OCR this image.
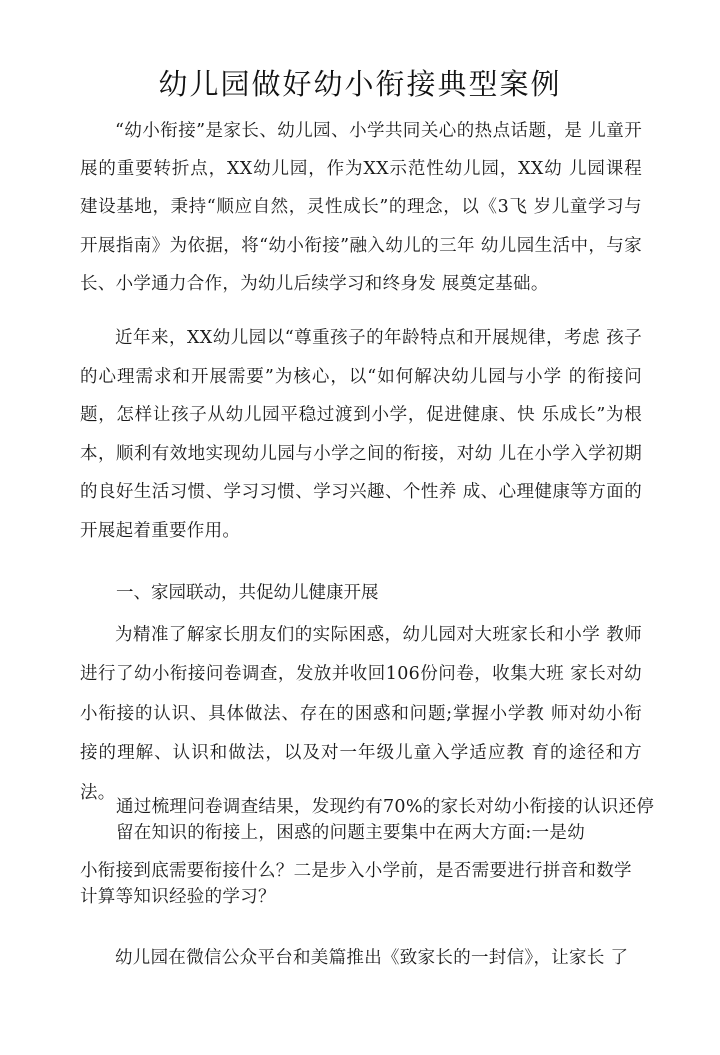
幼儿园做好幼小衔接典型案例

“幼小衔接”是家长、幼儿园、小学共同关心的热点话题，是 儿童开展的重要转折点，XX幼儿园，作为XX示范性幼儿园，XX幼 儿园课程建设基地，秉持“顺应自然，灵性成长”的理念，以《3飞 岁儿童学习与开展指南》为依据，将“幼小衔接”融入幼儿的三年 幼儿园生活中，与家长、小学通力合作，为幼儿后续学习和终身发 展奠定基础。

近年来，XX幼儿园以“尊重孩子的年龄特点和开展规律，考虑 孩子的心理需求和开展需要”为核心，以“如何解决幼儿园与小学 的衔接问题，怎样让孩子从幼儿园平稳过渡到小学，促进健康、快 乐成长”为根本，顺利有效地实现幼儿园与小学之间的衔接，对幼 儿在小学入学初期的良好生活习惯、学习习惯、学习兴趣、个性养 成、心理健康等方面的开展起着重要作用。

一、家园联动，共促幼儿健康开展

为精准了解家长朋友们的实际困惑，幼儿园对大班家长和小学 教师进行了幼小衔接问卷调查，发放并收回106份问卷，收集大班 家长对幼小衔接的认识、具体做法、存在的困惑和问题;掌握小学教 师对幼小衔接的理解、认识和做法，以及对一年级儿童入学适应教 育的途径和方法。

通过梳理问卷调查结果，发现约有70%的家长对幼小衔接的认识还停留在知识的衔接上，困惑的问题主要集中在两大方面:一是幼

小衔接到底需要衔接什么？二是步入小学前，是否需要进行拼音和数学计算等知识经验的学习？

幼儿园在微信公众平台和美篇推出《致家长的一封信》，让家长 了
